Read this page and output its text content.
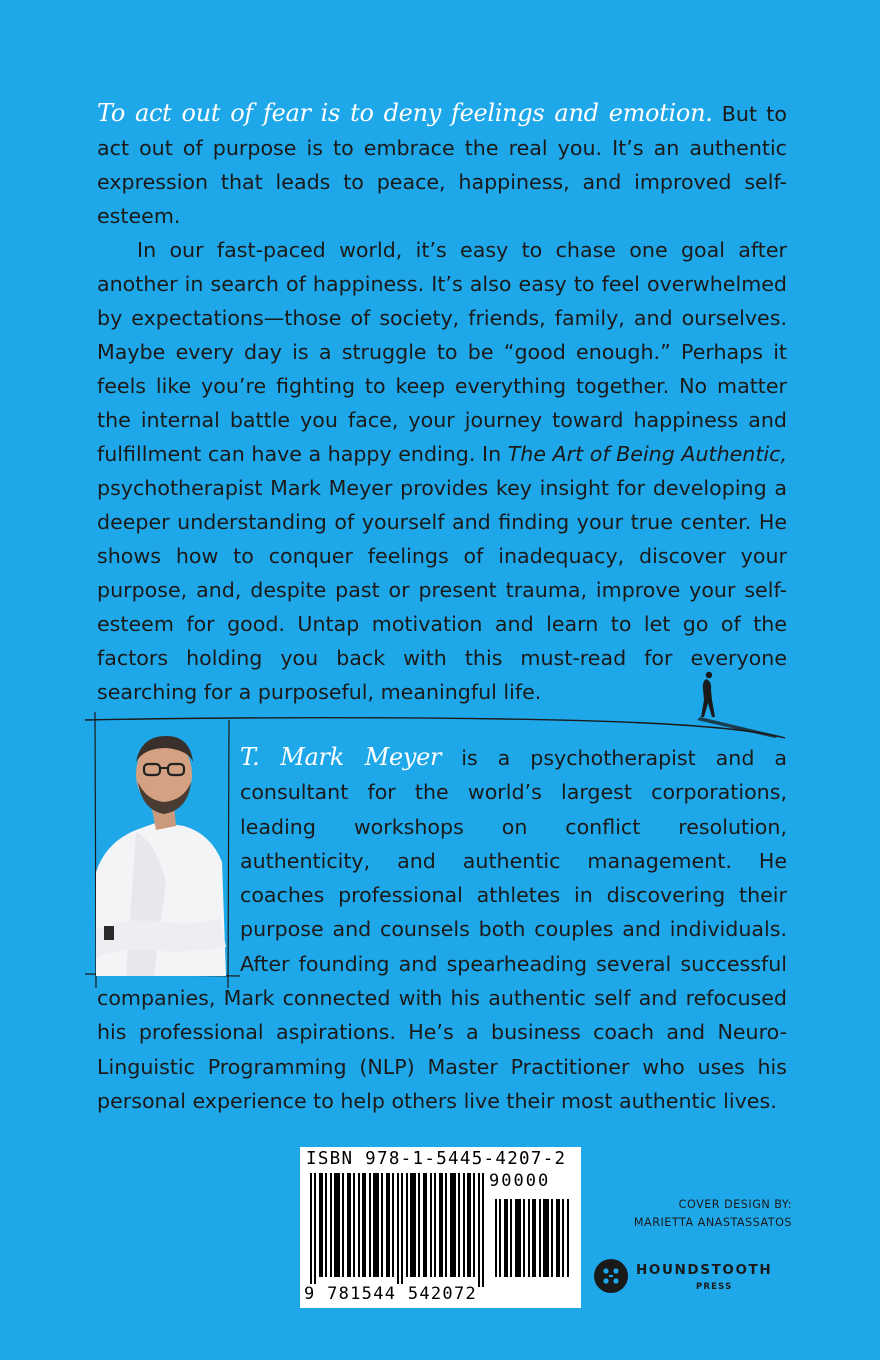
To act out of fear is to deny feelings and emotion. But to act out of purpose is to embrace the real you. It’s an authentic expression that leads to peace, happiness, and improved self-esteem.

In our fast-paced world, it’s easy to chase one goal after another in search of happiness. It’s also easy to feel overwhelmed by expectations—those of society, friends, family, and ourselves. Maybe every day is a struggle to be “good enough.” Perhaps it feels like you’re fighting to keep everything together. No matter the internal battle you face, your journey toward happiness and fulfillment can have a happy ending. In The Art of Being Authentic, psychotherapist Mark Meyer provides key insight for developing a deeper understanding of yourself and finding your true center. He shows how to conquer feelings of inadequacy, discover your purpose, and, despite past or present trauma, improve your self-esteem for good. Untap motivation and learn to let go of the factors holding you back with this must-read for everyone searching for a purposeful, meaningful life.

T. Mark Meyer is a psychotherapist and a consultant for the world’s largest corporations, leading workshops on conflict resolution, authenticity, and authentic management. He coaches professional athletes in discovering their purpose and counsels both couples and individuals. After founding and spearheading several successful companies, Mark connected with his authentic self and refocused his professional aspirations. He’s a business coach and Neuro-Linguistic Programming (NLP) Master Practitioner who uses his personal experience to help others live their most authentic lives.
ISBN 978-1-5445-4207-2
90000
9 781544 542072
COVER DESIGN BY:
MARIETTA ANASTASSATOS
HOUNDSTOOTH
PRESS
